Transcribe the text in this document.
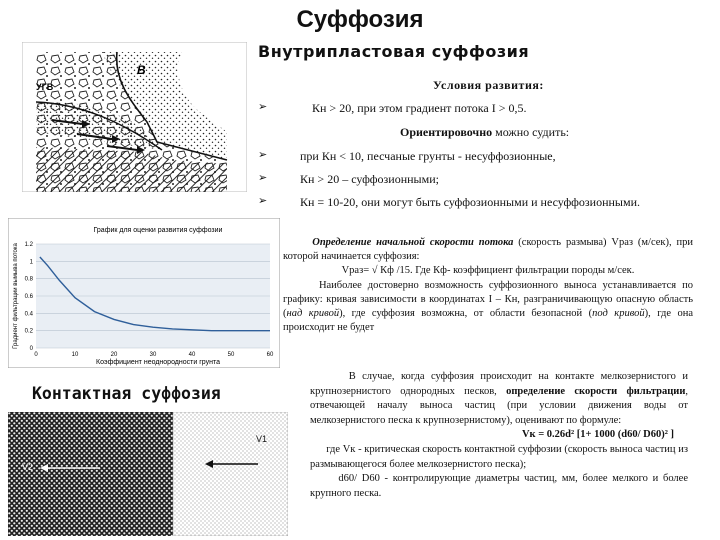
Суффозия
Внутрипластовая суффозия
B
УГВ	Условия развития:
➢	Кн > 20, при этом градиент потока I > 0,5.
Ориентировочно можно судить:
➢	при Кн < 10, песчаные грунты - несуффозионные,
➢	Кн > 20 – суффозионными;
➢	Кн = 10-20, они могут быть суффозионными и несуффозионными.
График для оценки развития суффозии
Коэффициент неоднородности грунта
Градиент фильтрации вымыва потока
0
0.2
0.4
0.6
0.8
1
1.2
0	10	20	30	40	50	60
Определение начальной скорости потока (скорость размыва) Vраз (м/сек), при которой начинается суффозия:

Vраз= √ Кф /15. Где Кф- коэффициент фильтрации породы м/сек.
Наиболее достоверно возможность суффозионного выноса устанавливается по графику: кривая зависимости в координатах I – Кн, разграничивающую опасную область (над кривой), где суффозия возможна, от области безопасной (под кривой), где она происходит не будет
Контактная суффозия
V2
V1
В случае, когда суффозия происходит на контакте мелкозернистого и крупнозернистого однородных песков, определение скорости фильтрации, отвечающей началу выноса частиц (при условии движения воды от мелкозернистого песка к крупнозернистому), оценивают по формуле:

Vк = 0.26d² [1+ 1000 (d60/ D60)² ]
где Vк - критическая скорость контактной суффозии (скорость выноса частиц из размывающегося более мелкозернистого песка);
d60/ D60 - контролирующие диаметры частиц, мм, более мелкого и более крупного песка.
